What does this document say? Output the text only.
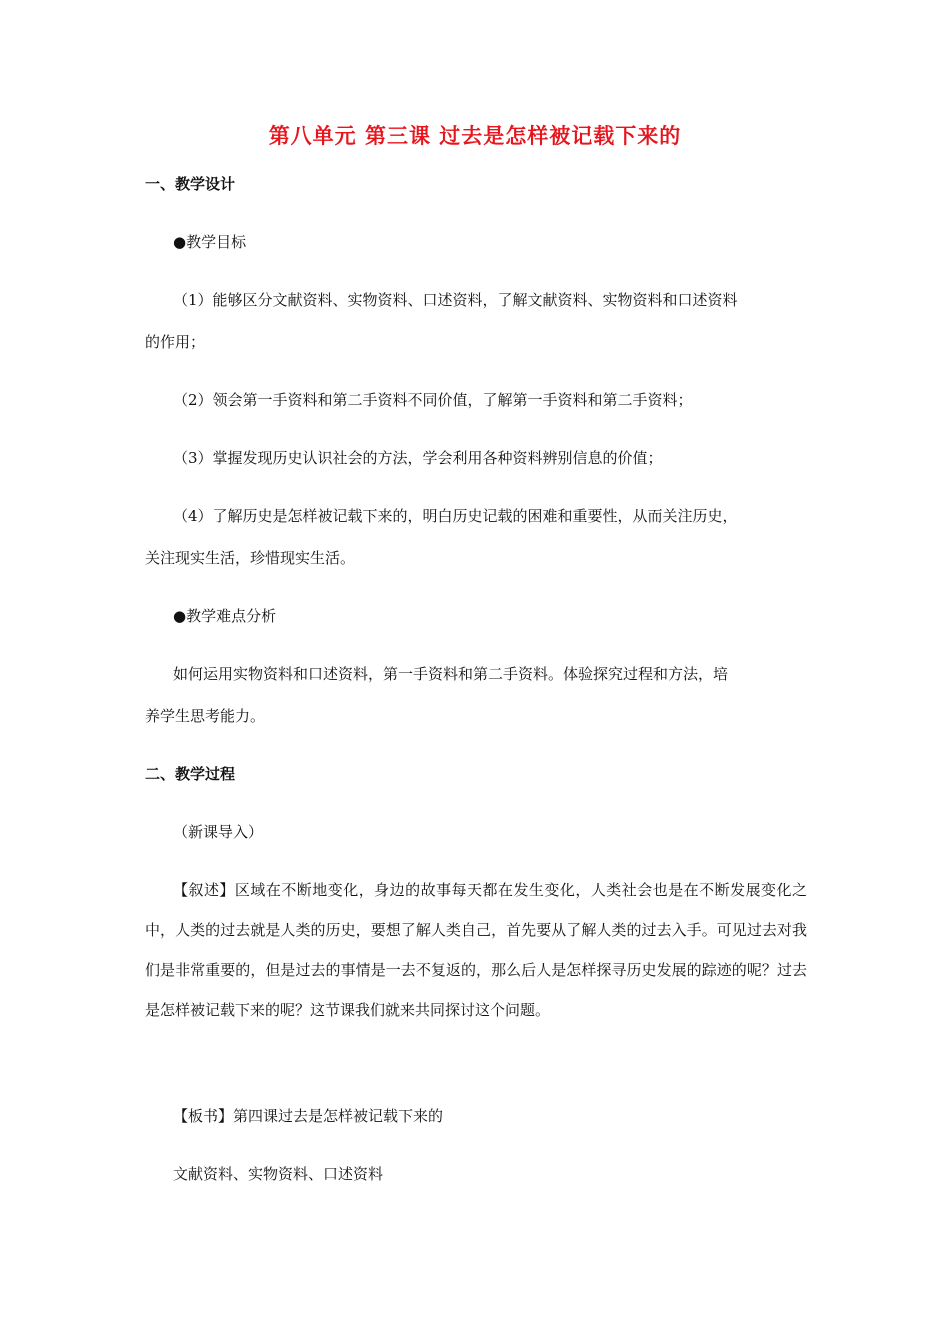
第八单元 第三课 过去是怎样被记载下来的
一、教学设计
●教学目标
（1）能够区分文献资料、实物资料、口述资料，了解文献资料、实物资料和口述资料
的作用；
（2）领会第一手资料和第二手资料不同价值，了解第一手资料和第二手资料；
（3）掌握发现历史认识社会的方法，学会利用各种资料辨别信息的价值；
（4）了解历史是怎样被记载下来的，明白历史记载的困难和重要性，从而关注历史，
关注现实生活，珍惜现实生活。
●教学难点分析
如何运用实物资料和口述资料，第一手资料和第二手资料。体验探究过程和方法，培
养学生思考能力。
二、教学过程
（新课导入）
【叙述】区域在不断地变化，身边的故事每天都在发生变化，人类社会也是在不断发展变化之中，人类的过去就是人类的历史，要想了解人类自己，首先要从了解人类的过去入手。可见过去对我们是非常重要的，但是过去的事情是一去不复返的，那么后人是怎样探寻历史发展的踪迹的呢？过去是怎样被记载下来的呢？这节课我们就来共同探讨这个问题。
【板书】第四课过去是怎样被记载下来的
文献资料、实物资料、口述资料
